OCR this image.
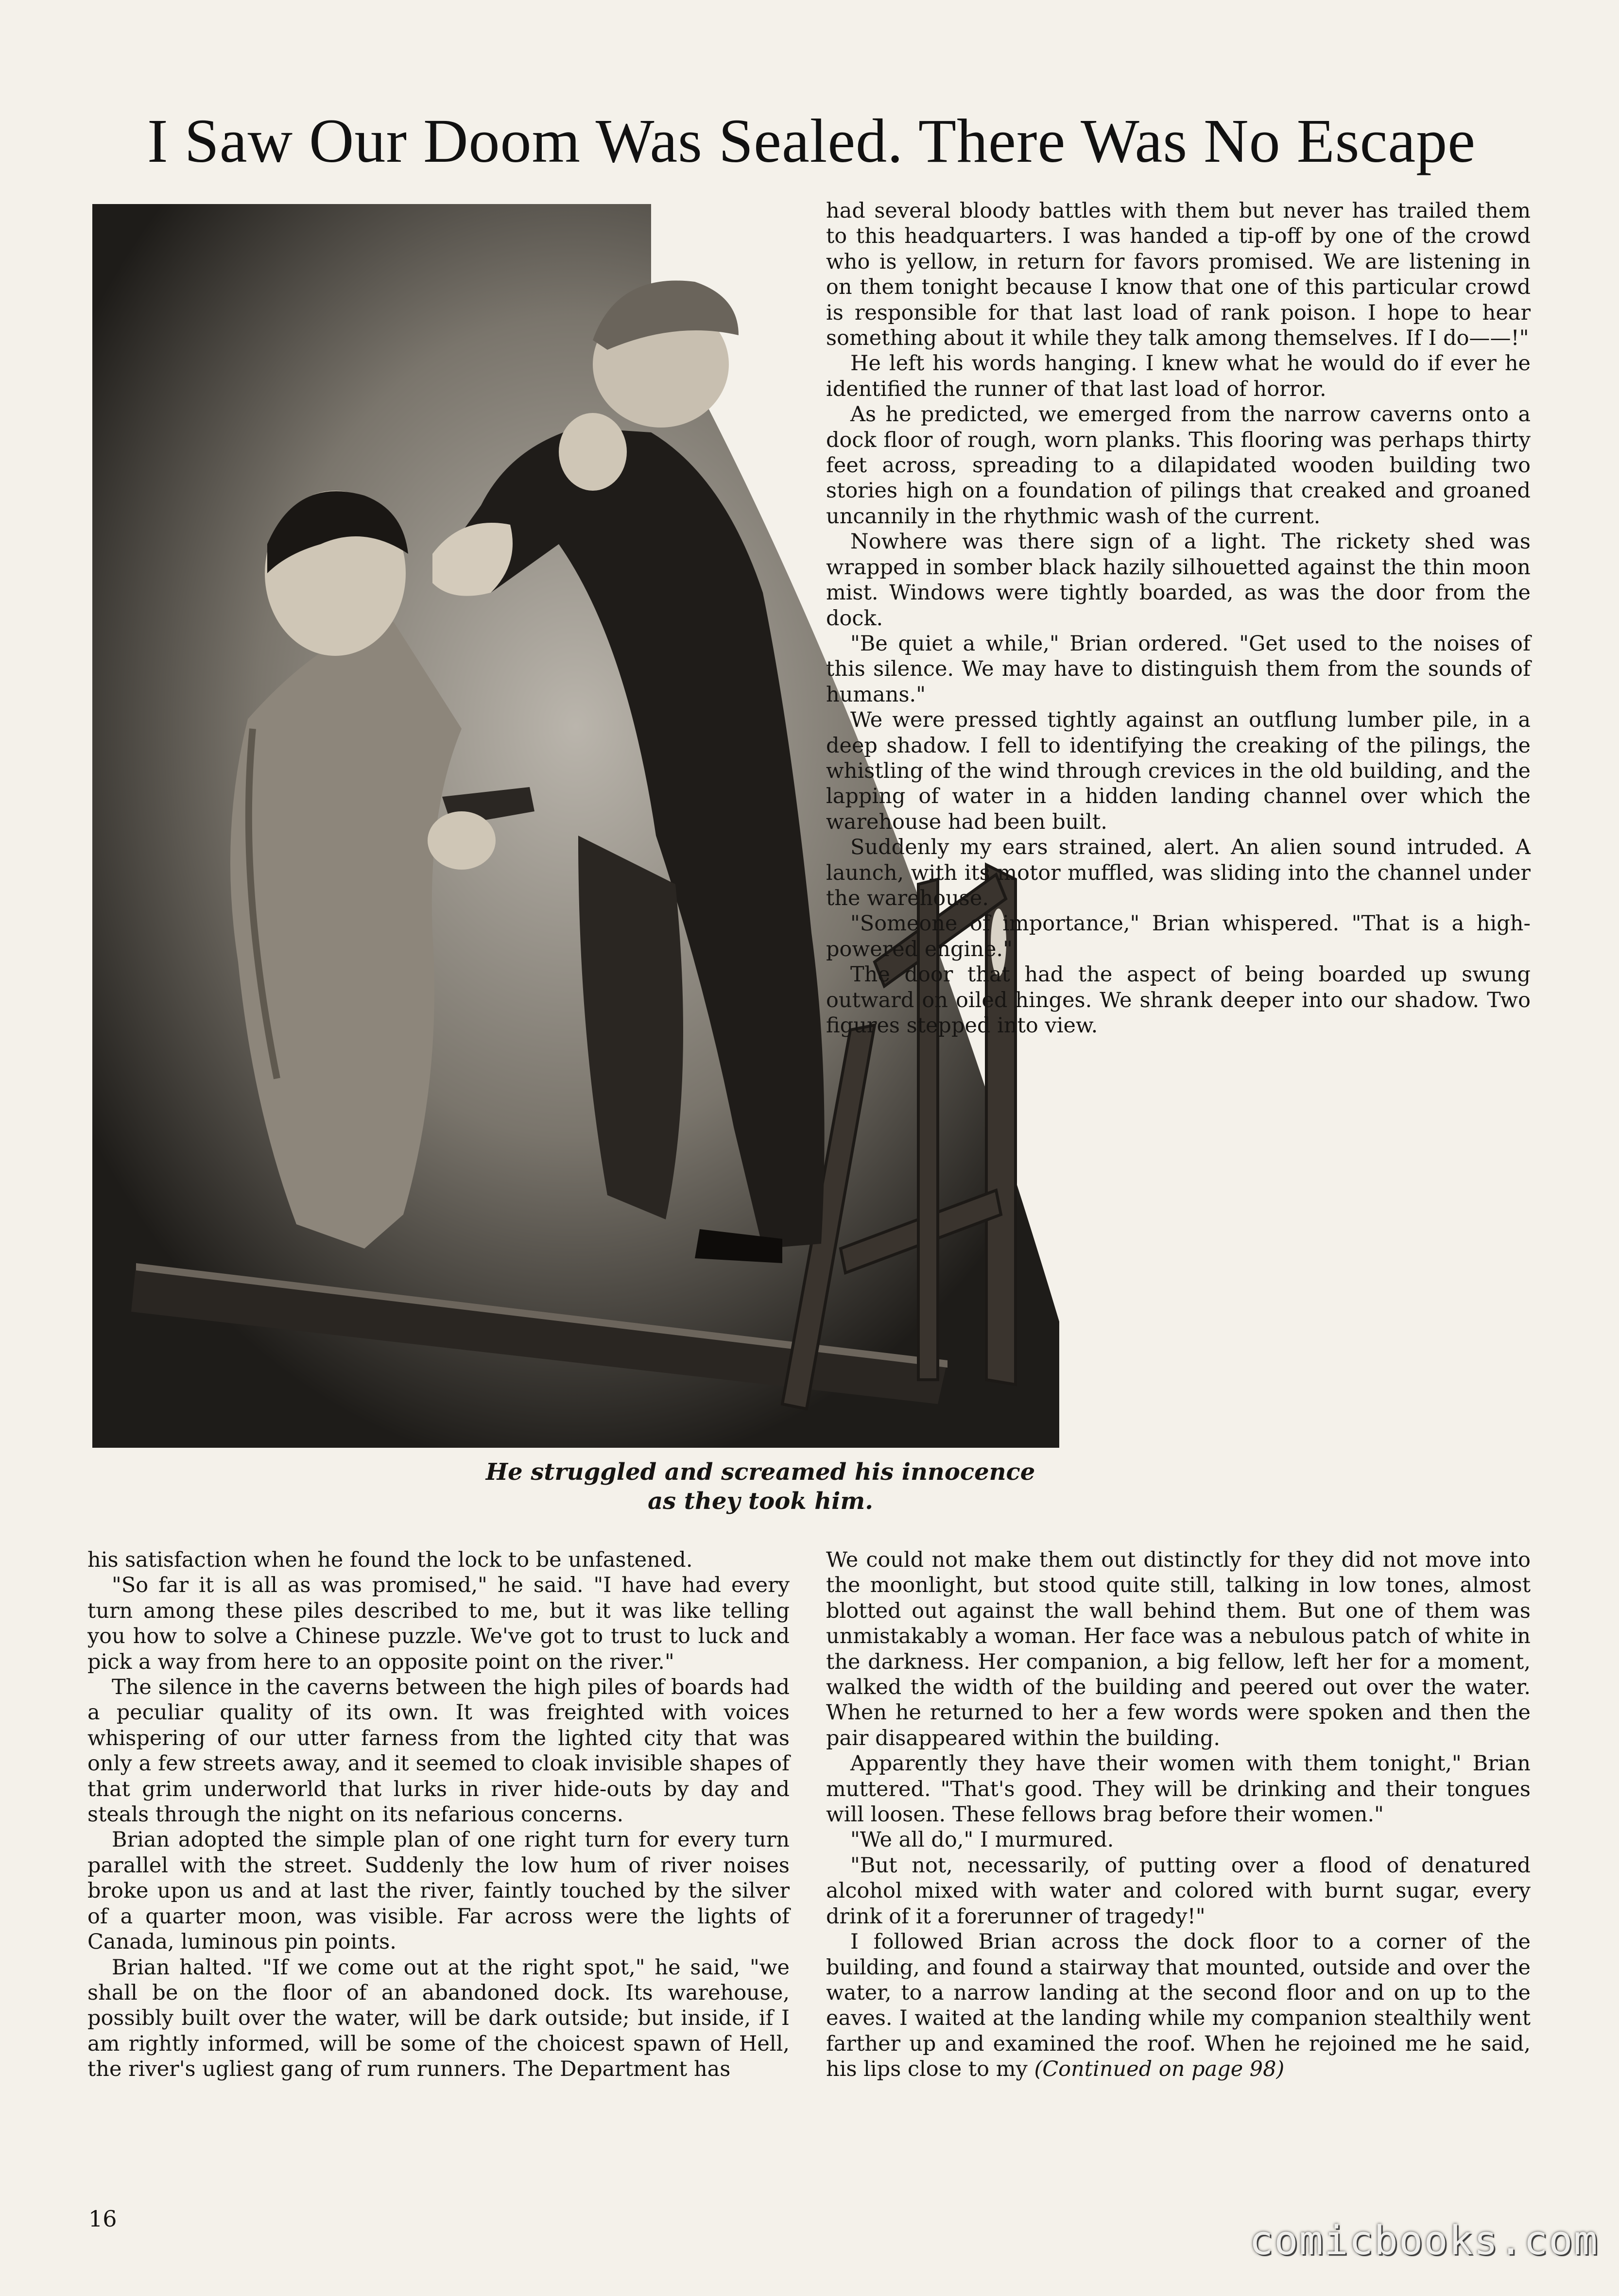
I Saw Our Doom Was Sealed. There Was No Escape

He struggled and screamed his innocence

as they took him.

had several bloody battles with them but never has trailed them to this headquarters. I was handed a tip-off by one of the crowd who is yellow, in return for favors promised. We are listening in on them tonight because I know that one of this particular crowd is responsible for that last load of rank poison. I hope to hear something about it while they talk among themselves. If I do——!"

He left his words hanging. I knew what he would do if ever he identified the runner of that last load of horror.

As he predicted, we emerged from the narrow caverns onto a dock floor of rough, worn planks. This flooring was perhaps thirty feet across, spreading to a dilapidated wooden building two stories high on a foundation of pilings that creaked and groaned uncannily in the rhythmic wash of the current.

Nowhere was there sign of a light. The rickety shed was wrapped in somber black hazily silhouetted against the thin moon mist. Windows were tightly boarded, as was the door from the dock.

"Be quiet a while," Brian ordered. "Get used to the noises of this silence. We may have to distinguish them from the sounds of humans."

We were pressed tightly against an outflung lumber pile, in a deep shadow. I fell to identifying the creaking of the pilings, the whistling of the wind through crevices in the old building, and the lapping of water in a hidden landing channel over which the warehouse had been built.

Suddenly my ears strained, alert. An alien sound intruded. A launch, with its motor muffled, was sliding into the channel under the warehouse.

"Someone of importance," Brian whispered. "That is a high-powered engine."

The door that had the aspect of being boarded up swung outward on oiled hinges. We shrank deeper into our shadow. Two figures stepped into view.

his satisfaction when he found the lock to be unfastened.

"So far it is all as was promised," he said. "I have had every turn among these piles described to me, but it was like telling you how to solve a Chinese puzzle. We've got to trust to luck and pick a way from here to an opposite point on the river."

The silence in the caverns between the high piles of boards had a peculiar quality of its own. It was freighted with voices whispering of our utter farness from the lighted city that was only a few streets away, and it seemed to cloak invisible shapes of that grim underworld that lurks in river hide-outs by day and steals through the night on its nefarious concerns.

Brian adopted the simple plan of one right turn for every turn parallel with the street. Suddenly the low hum of river noises broke upon us and at last the river, faintly touched by the silver of a quarter moon, was visible. Far across were the lights of Canada, luminous pin points.

Brian halted. "If we come out at the right spot," he said, "we shall be on the floor of an abandoned dock. Its warehouse, possibly built over the water, will be dark outside; but inside, if I am rightly informed, will be some of the choicest spawn of Hell, the river's ugliest gang of rum runners. The Department has

We could not make them out distinctly for they did not move into the moonlight, but stood quite still, talking in low tones, almost blotted out against the wall behind them. But one of them was unmistakably a woman. Her face was a nebulous patch of white in the darkness. Her companion, a big fellow, left her for a moment, walked the width of the building and peered out over the water. When he returned to her a few words were spoken and then the pair disappeared within the building.

Apparently they have their women with them tonight," Brian muttered. "That's good. They will be drinking and their tongues will loosen. These fellows brag before their women."

"We all do," I murmured.

"But not, necessarily, of putting over a flood of denatured alcohol mixed with water and colored with burnt sugar, every drink of it a forerunner of tragedy!"

I followed Brian across the dock floor to a corner of the building, and found a stairway that mounted, outside and over the water, to a narrow landing at the second floor and on up to the eaves. I waited at the landing while my companion stealthily went farther up and examined the roof. When he rejoined me he said, his lips close to my (Continued on page 98)

16	comicbooks.com
